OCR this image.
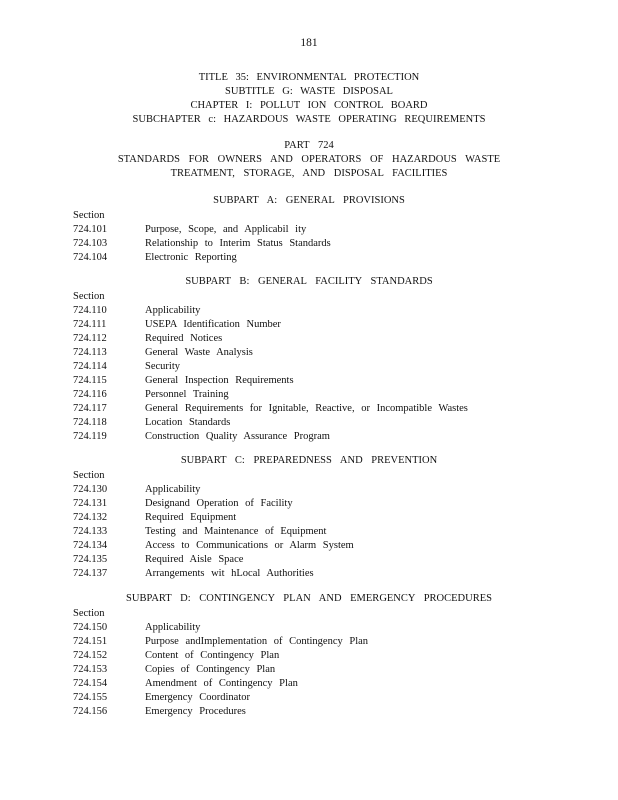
181
TITLE 35: ENVIRONMENTAL PROTECTION
SUBTITLE G: WASTE DISPOSAL
CHAPTER I: POLLUT ION CONTROL BOARD
SUBCHAPTER c: HAZARDOUS WASTE OPERATING REQUIREMENTS
PART 724
STANDARDS FOR OWNERS AND OPERATORS OF HAZARDOUS WASTE
TREATMENT, STORAGE, AND DISPOSAL FACILITIES
SUBPART A: GENERAL PROVISIONS
Section
724.101	Purpose, Scope, and Applicabil ity
724.103	Relationship to Interim Status Standards
724.104	Electronic Reporting
SUBPART B: GENERAL FACILITY STANDARDS
Section
724.110	Applicability
724.111	USEPA Identification Number
724.112	Required Notices
724.113	General Waste Analysis
724.114	Security
724.115	General Inspection Requirements
724.116	Personnel Training
724.117	General Requirements for Ignitable, Reactive, or Incompatible Wastes
724.118	Location Standards
724.119	Construction Quality Assurance Program
SUBPART C: PREPAREDNESS AND PREVENTION
Section
724.130	Applicability
724.131	Designand Operation of Facility
724.132	Required Equipment
724.133	Testing and Maintenance of Equipment
724.134	Access to Communications or Alarm System
724.135	Required Aisle Space
724.137	Arrangements wit hLocal Authorities
SUBPART D: CONTINGENCY PLAN AND EMERGENCY PROCEDURES
Section
724.150	Applicability
724.151	Purpose andImplementation of Contingency Plan
724.152	Content of Contingency Plan
724.153	Copies of Contingency Plan
724.154	Amendment of Contingency Plan
724.155	Emergency Coordinator
724.156	Emergency Procedures
